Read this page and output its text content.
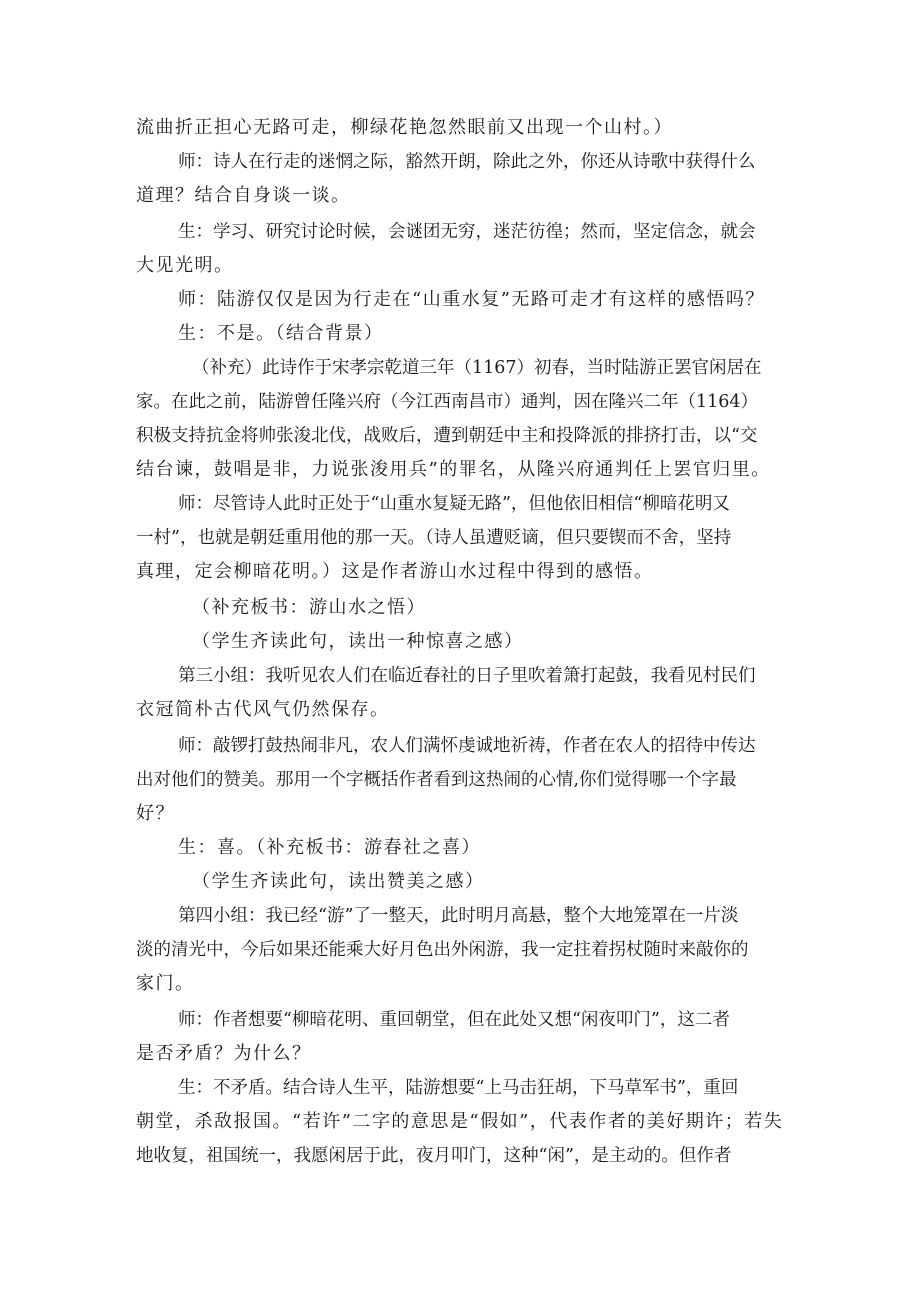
流曲折正担心无路可走，柳绿花艳忽然眼前又出现一个山村。）
师：诗人在行走的迷惘之际，豁然开朗，除此之外，你还从诗歌中获得什么
道理？结合自身谈一谈。
生：学习、研究讨论时候，会谜团无穷，迷茫彷徨；然而，坚定信念，就会
大见光明。
师：陆游仅仅是因为行走在“山重水复”无路可走才有这样的感悟吗？
生：不是。（结合背景）
（补充）此诗作于宋孝宗乾道三年（1167）初春，当时陆游正罢官闲居在
家。在此之前，陆游曾任隆兴府（今江西南昌市）通判，因在隆兴二年（1164）
积极支持抗金将帅张浚北伐，战败后，遭到朝廷中主和投降派的排挤打击，以“交
结台谏，鼓唱是非，力说张浚用兵”的罪名，从隆兴府通判任上罢官归里。
师：尽管诗人此时正处于“山重水复疑无路”，但他依旧相信“柳暗花明又
一村”，也就是朝廷重用他的那一天。（诗人虽遭贬谪，但只要锲而不舍，坚持
真理，定会柳暗花明。）这是作者游山水过程中得到的感悟。
（补充板书：游山水之悟）
（学生齐读此句，读出一种惊喜之感）
第三小组：我听见农人们在临近春社的日子里吹着箫打起鼓，我看见村民们
衣冠简朴古代风气仍然保存。
师：敲锣打鼓热闹非凡，农人们满怀虔诚地祈祷，作者在农人的招待中传达
出对他们的赞美。那用一个字概括作者看到这热闹的心情,你们觉得哪一个字最
好？
生：喜。（补充板书：游春社之喜）
（学生齐读此句，读出赞美之感）
第四小组：我已经“游”了一整天，此时明月高悬，整个大地笼罩在一片淡
淡的清光中，今后如果还能乘大好月色出外闲游，我一定拄着拐杖随时来敲你的
家门。
师：作者想要“柳暗花明、重回朝堂，但在此处又想“闲夜叩门”，这二者
是否矛盾？为什么？
生：不矛盾。结合诗人生平，陆游想要“上马击狂胡，下马草军书”，重回
朝堂，杀敌报国。“若许”二字的意思是“假如”，代表作者的美好期许；若失
地收复，祖国统一，我愿闲居于此，夜月叩门，这种“闲”，是主动的。但作者
